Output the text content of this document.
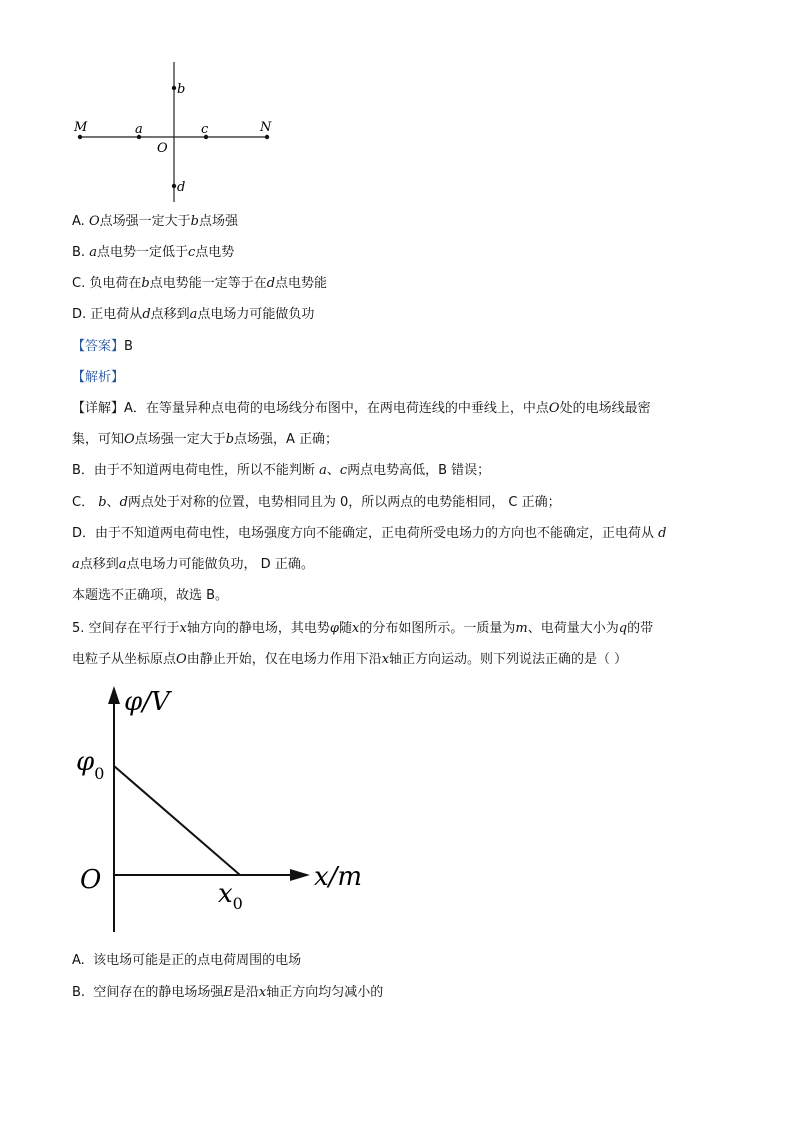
M	a
O
c	N
b
d
A. O点场强一定大于b点场强
B. a点电势一定低于c点电势
C. 负电荷在b点电势能一定等于在d点电势能
D. 正电荷从d点移到a点电场力可能做负功
【答案】B
【解析】
【详解】A．在等量异种点电荷的电场线分布图中，在两电荷连线的中垂线上，中点O处的电场线最密
集，可知O点场强一定大于b点场强，A 正确；
B．由于不知道两电荷电性，所以不能判断 a、c两点电势高低，B 错误；
C． b、d两点处于对称的位置，电势相同且为 0，所以两点的电势能相同， C 正确；
D．由于不知道两电荷电性，电场强度方向不能确定，正电荷所受电场力的方向也不能确定，正电荷从 d
a点移到a点电场力可能做负功， D 正确。
本题选不正确项，故选 B。
5. 空间存在平行于x轴方向的静电场，其电势φ随x的分布如图所示。一质量为m、电荷量大小为q的带
电粒子从坐标原点O由静止开始，仅在电场力作用下沿x轴正方向运动。则下列说法正确的是（ ）
φ/V
$\varphi_0$
O	x/m
$x_0$
A. 该电场可能是正的点电荷周围的电场
B. 空间存在的静电场场强E是沿x轴正方向均匀减小的
